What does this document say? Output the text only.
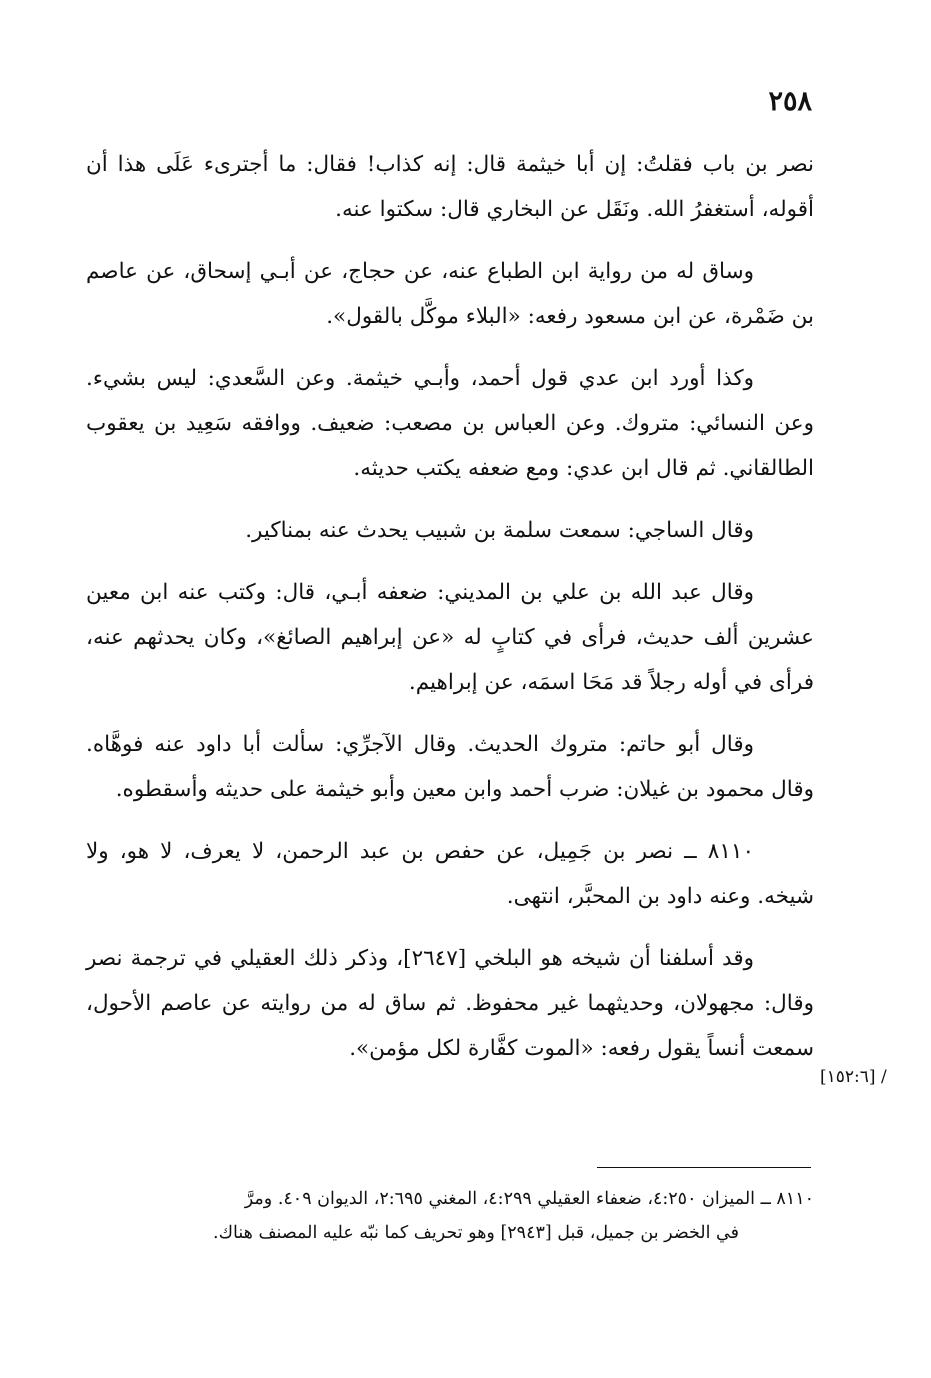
٢٥٨

نصر بن باب فقلتُ: إن أبا خيثمة قال: إنه كذاب! فقال: ما أجترىء عَلَى هذا أن أقوله، أستغفرُ الله. ونَقَل عن البخاري قال: سكتوا عنه.

وساق له من رواية ابن الطباع عنه، عن حجاج، عن أبـي إسحاق، عن عاصم بن ضَمْرة، عن ابن مسعود رفعه: «البلاء موكَّل بالقول».

وكذا أورد ابن عدي قول أحمد، وأبـي خيثمة. وعن السَّعدي: ليس بشيء. وعن النسائي: متروك. وعن العباس بن مصعب: ضعيف. ووافقه سَعِيد بن يعقوب الطالقاني. ثم قال ابن عدي: ومع ضعفه يكتب حديثه.

وقال الساجي: سمعت سلمة بن شبيب يحدث عنه بمناكير.

وقال عبد الله بن علي بن المديني: ضعفه أبـي، قال: وكتب عنه ابن معين عشرين ألف حديث، فرأى في كتابٍ له «عن إبراهيم الصائغ»، وكان يحدثهم عنه، فرأى في أوله رجلاً قد مَحَا اسمَه، عن إبراهيم.

وقال أبو حاتم: متروك الحديث. وقال الآجرِّي: سألت أبا داود عنه فوهَّاه. وقال محمود بن غيلان: ضرب أحمد وابن معين وأبو خيثمة على حديثه وأسقطوه.

٨١١٠ ــ نصر بن جَمِيل، عن حفص بن عبد الرحمن، لا يعرف، لا هو، ولا شيخه. وعنه داود بن المحبَّر، انتهى.

وقد أسلفنا أن شيخه هو البلخي [٢٦٤٧]، وذكر ذلك العقيلي في ترجمة نصر وقال: مجهولان، وحديثهما غير محفوظ. ثم ساق له من روايته عن عاصم الأحول، سمعت أنساً يقول رفعه: «الموت كفَّارة لكل مؤمن».

[١٥٢:٦] /

٨١١٠ ــ الميزان ٤:٢٥٠، ضعفاء العقيلي ٤:٢٩٩، المغني ٢:٦٩٥، الديوان ٤٠٩. ومرَّ

في الخضر بن جميل، قبل [٢٩٤٣] وهو تحريف كما نبّه عليه المصنف هناك.
